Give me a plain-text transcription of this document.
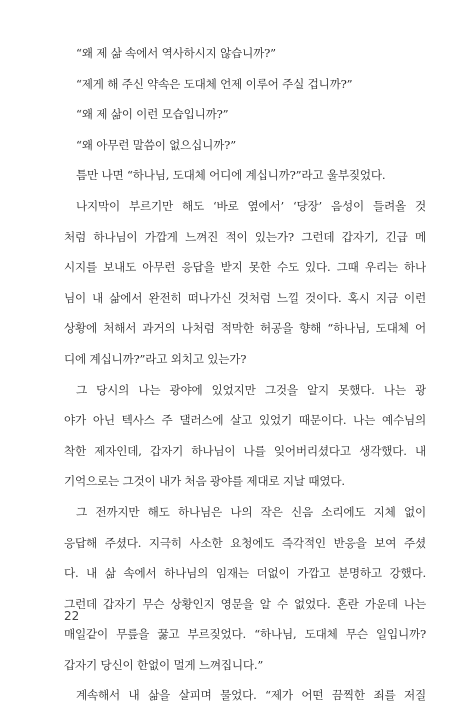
“왜 제 삶 속에서 역사하시지 않습니까?”
“제게 해 주신 약속은 도대체 언제 이루어 주실 겁니까?”
“왜 제 삶이 이런 모습입니까?”
“왜 아무런 말씀이 없으십니까?”
틈만 나면 “하나님, 도대체 어디에 계십니까?”라고 울부짖었다.
나지막이 부르기만 해도 ‘바로 옆에서’ ‘당장’ 음성이 들려올 것
처럼 하나님이 가깝게 느껴진 적이 있는가? 그런데 갑자기, 긴급 메
시지를 보내도 아무런 응답을 받지 못한 수도 있다. 그때 우리는 하나
님이 내 삶에서 완전히 떠나가신 것처럼 느낄 것이다. 혹시 지금 이런
상황에 처해서 과거의 나처럼 적막한 허공을 향해 “하나님, 도대체 어
디에 계십니까?”라고 외치고 있는가?
그 당시의 나는 광야에 있었지만 그것을 알지 못했다. 나는 광
야가 아닌 텍사스 주 댈러스에 살고 있었기 때문이다. 나는 예수님의
착한 제자인데, 갑자기 하나님이 나를 잊어버리셨다고 생각했다. 내
기억으로는 그것이 내가 처음 광야를 제대로 지날 때였다.
그 전까지만 해도 하나님은 나의 작은 신음 소리에도 지체 없이
응답해 주셨다. 지극히 사소한 요청에도 즉각적인 반응을 보여 주셨
다. 내 삶 속에서 하나님의 임재는 더없이 가깝고 분명하고 강했다.
그런데 갑자기 무슨 상황인지 영문을 알 수 없었다. 혼란 가운데 나는
매일같이 무릎을 꿇고 부르짖었다. “하나님, 도대체 무슨 일입니까?
갑자기 당신이 한없이 멀게 느껴집니다.”
계속해서 내 삶을 살피며 물었다. “제가 어떤 끔찍한 죄를 저질
22
